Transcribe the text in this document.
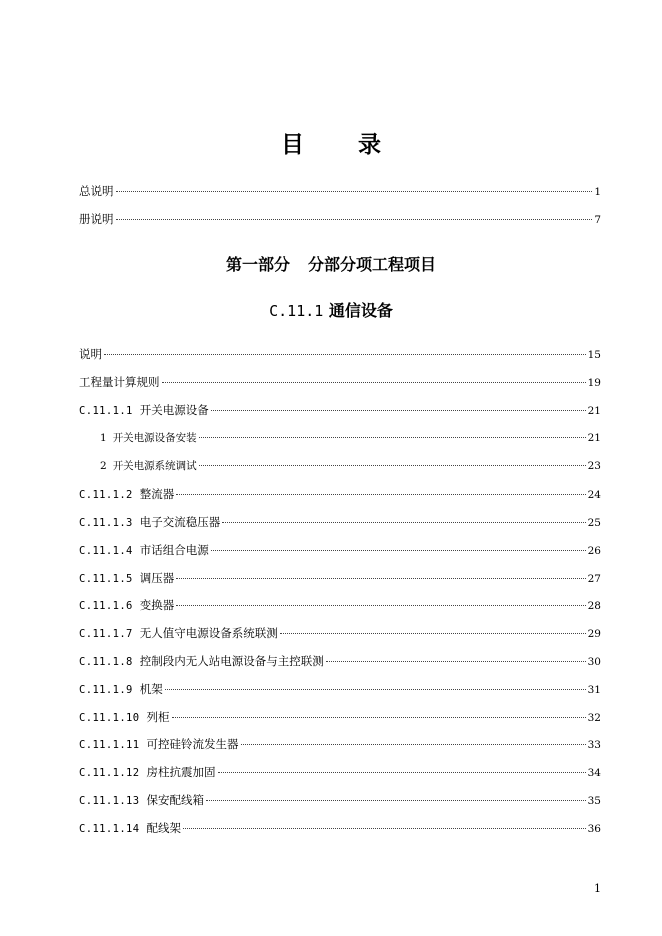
目 录
总说明	1
册说明	7
第一部分 分部分项工程项目
C.11.1 通信设备
说明	15
工程量计算规则	19
C.11.1.1 开关电源设备	21
1 开关电源设备安装	21
2 开关电源系统调试	23
C.11.1.2 整流器	24
C.11.1.3 电子交流稳压器	25
C.11.1.4 市话组合电源	26
C.11.1.5 调压器	27
C.11.1.6 变换器	28
C.11.1.7 无人值守电源设备系统联测	29
C.11.1.8 控制段内无人站电源设备与主控联测	30
C.11.1.9 机架	31
C.11.1.10 列柜	32
C.11.1.11 可控硅铃流发生器	33
C.11.1.12 房柱抗震加固	34
C.11.1.13 保安配线箱	35
C.11.1.14 配线架	36
1
